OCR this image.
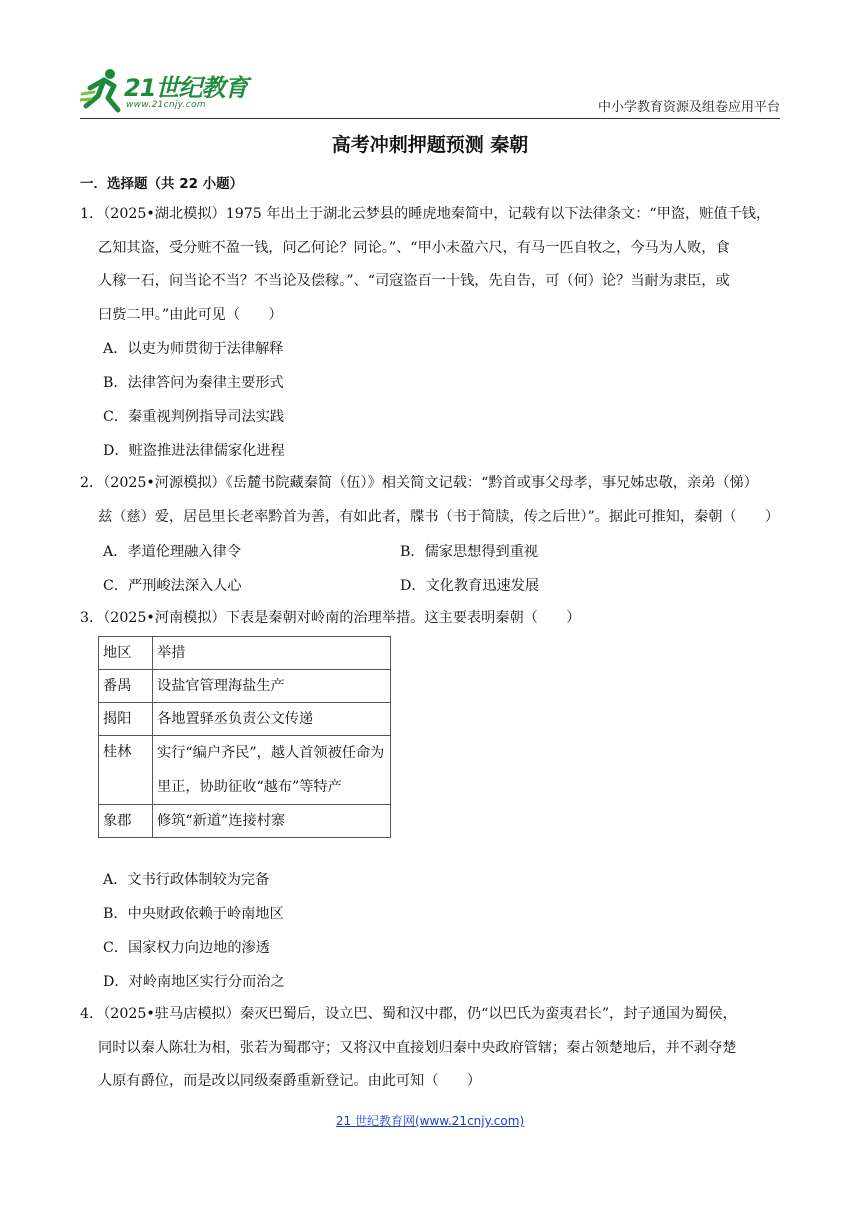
21世纪教育
www.21cnjy.com	中小学教育资源及组卷应用平台
高考冲刺押题预测 秦朝
一．选择题（共 22 小题）
1．（2025•湖北模拟）1975 年出土于湖北云梦县的睡虎地秦简中，记载有以下法律条文：“甲盗，赃值千钱，
乙知其盗，受分赃不盈一钱，问乙何论？同论。”、“甲小未盈六尺，有马一匹自牧之，今马为人败，食
人稼一石，问当论不当？不当论及偿稼。”、“司寇盗百一十钱，先自告，可（何）论？当耐为隶臣，或
曰赀二甲。”由此可见（　　）
A．以吏为师贯彻于法律解释
B．法律答问为秦律主要形式
C．秦重视判例指导司法实践
D．赃盗推进法律儒家化进程
2．（2025•河源模拟）《岳麓书院藏秦简（伍）》相关简文记载：“黔首或事父母孝，事兄姊忠敬，亲弟（悌）
兹（慈）爱，居邑里长老率黔首为善，有如此者，牒书（书于简牍，传之后世）”。据此可推知，秦朝（　　）
A．孝道伦理融入律令	B．儒家思想得到重视
C．严刑峻法深入人心	D．文化教育迅速发展
3．（2025•河南模拟）下表是秦朝对岭南的治理举措。这主要表明秦朝（　　）
地区	举措
番禺	设盐官管理海盐生产
揭阳	各地置驿丞负责公文传递
桂林	实行“编户齐民”，越人首领被任命为里正，协助征收“越布”等特产
象郡	修筑“新道”连接村寨
A．文书行政体制较为完备
B．中央财政依赖于岭南地区
C．国家权力向边地的渗透
D．对岭南地区实行分而治之
4．（2025•驻马店模拟）秦灭巴蜀后，设立巴、蜀和汉中郡，仍“以巴氏为蛮夷君长”，封子通国为蜀侯，
同时以秦人陈壮为相，张若为蜀郡守；又将汉中直接划归秦中央政府管辖；秦占领楚地后，并不剥夺楚
人原有爵位，而是改以同级秦爵重新登记。由此可知（　　）
21 世纪教育网(www.21cnjy.com)
